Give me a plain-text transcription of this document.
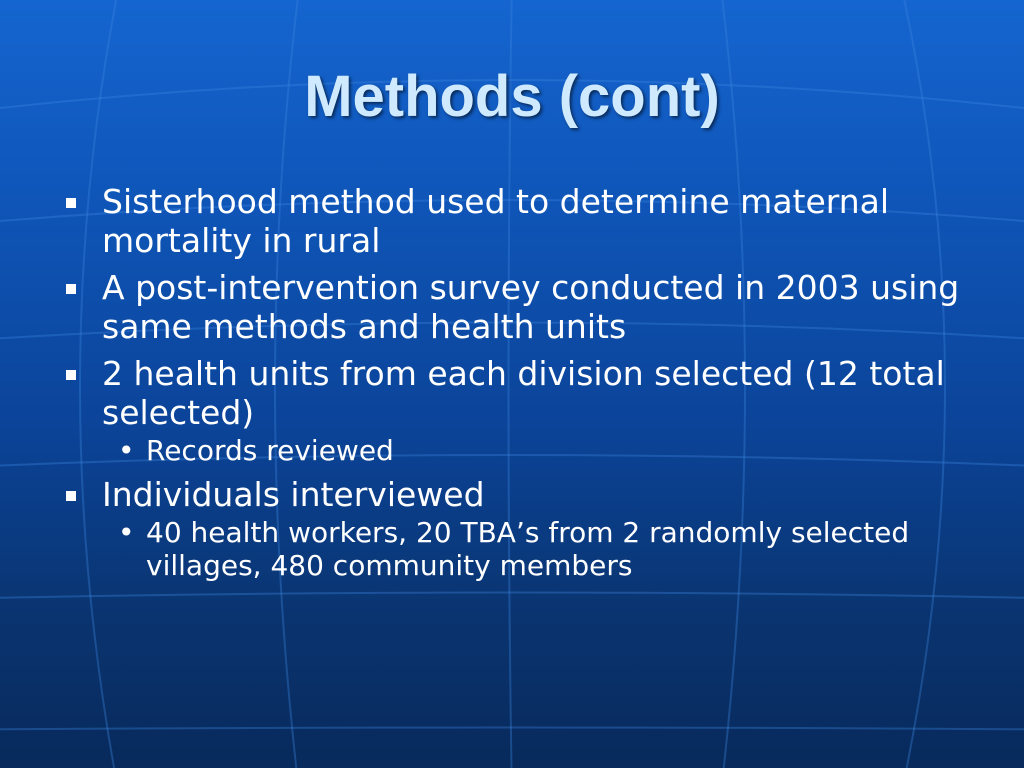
Methods (cont)
Sisterhood method used to determine maternal mortality in rural
A post-intervention survey conducted in 2003 using same methods and health units
2 health units from each division selected (12 total selected)
• Records reviewed
Individuals interviewed
• 40 health workers, 20 TBA’s from 2 randomly selected villages, 480 community members
